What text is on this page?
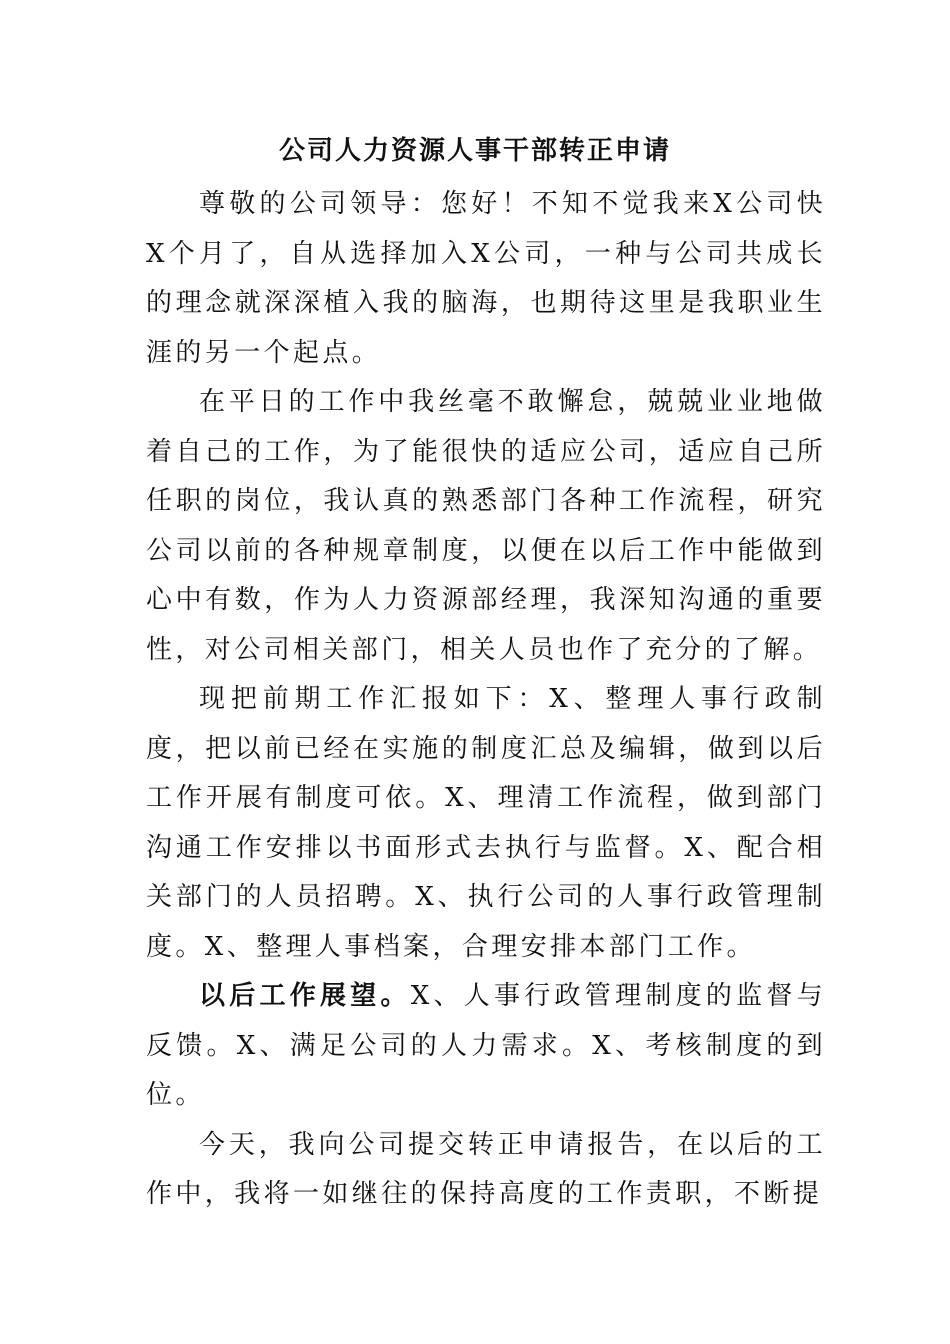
公司人力资源人事干部转正申请

尊敬的公司领导：您好！不知不觉我来X公司快X个月了，自从选择加入X公司，一种与公司共成长的理念就深深植入我的脑海，也期待这里是我职业生涯的另一个起点。

在平日的工作中我丝毫不敢懈怠，兢兢业业地做着自己的工作，为了能很快的适应公司，适应自己所任职的岗位，我认真的熟悉部门各种工作流程，研究公司以前的各种规章制度，以便在以后工作中能做到心中有数，作为人力资源部经理，我深知沟通的重要性，对公司相关部门，相关人员也作了充分的了解。

现把前期工作汇报如下：X、整理人事行政制度，把以前已经在实施的制度汇总及编辑，做到以后工作开展有制度可依。X、理清工作流程，做到部门沟通工作安排以书面形式去执行与监督。X、配合相关部门的人员招聘。X、执行公司的人事行政管理制度。X、整理人事档案，合理安排本部门工作。

以后工作展望。X、人事行政管理制度的监督与反馈。X、满足公司的人力需求。X、考核制度的到位。

今天，我向公司提交转正申请报告，在以后的工作中，我将一如继往的保持高度的工作责职，不断提
